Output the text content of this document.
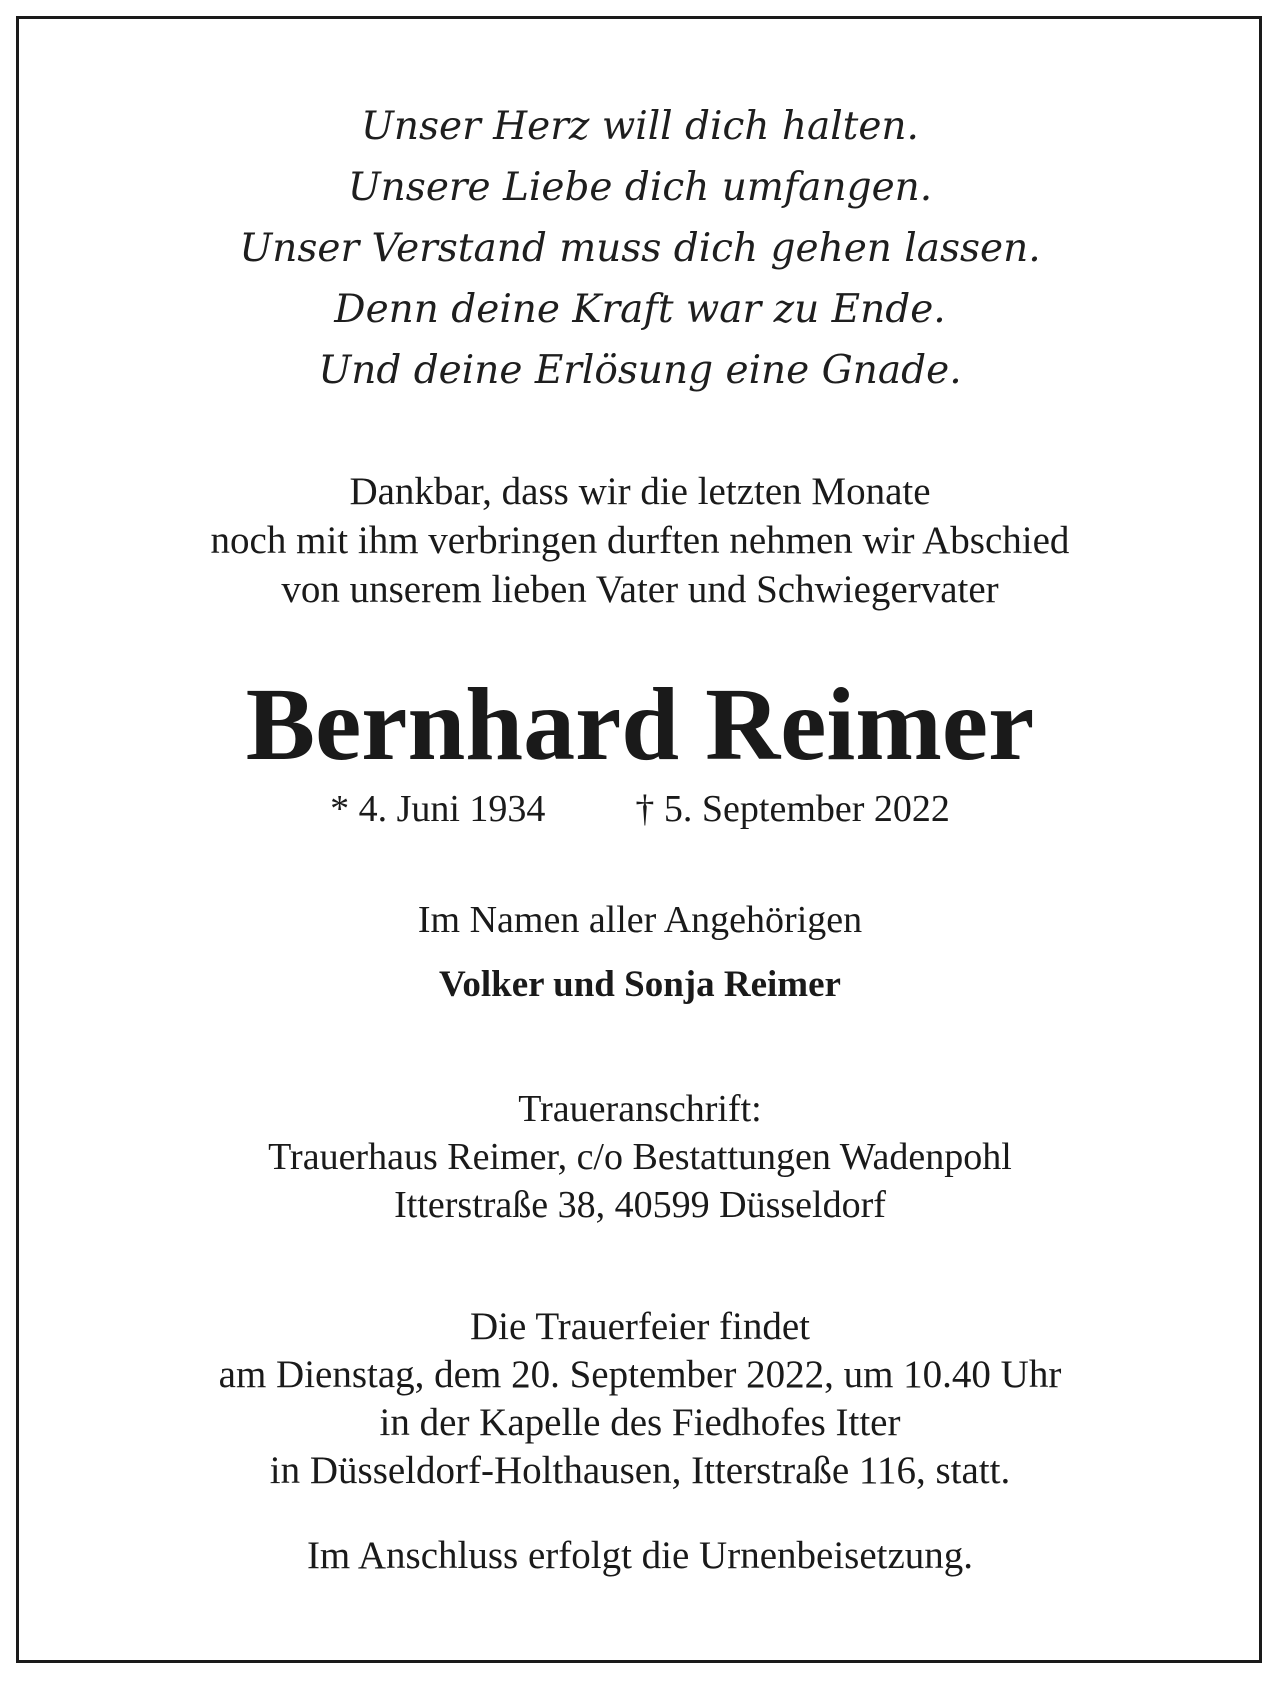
Unser Herz will dich halten.
Unsere Liebe dich umfangen.
Unser Verstand muss dich gehen lassen.
Denn deine Kraft war zu Ende.
Und deine Erlösung eine Gnade.
Dankbar, dass wir die letzten Monate
noch mit ihm verbringen durften nehmen wir Abschied
von unserem lieben Vater und Schwiegervater
Bernhard Reimer
* 4. Juni 1934 † 5. September 2022
Im Namen aller Angehörigen
Volker und Sonja Reimer
Traueranschrift:
Trauerhaus Reimer, c/o Bestattungen Wadenpohl
Itterstraße 38, 40599 Düsseldorf
Die Trauerfeier findet
am Dienstag, dem 20. September 2022, um 10.40 Uhr
in der Kapelle des Fiedhofes Itter
in Düsseldorf-Holthausen, Itterstraße 116, statt.
Im Anschluss erfolgt die Urnenbeisetzung.
